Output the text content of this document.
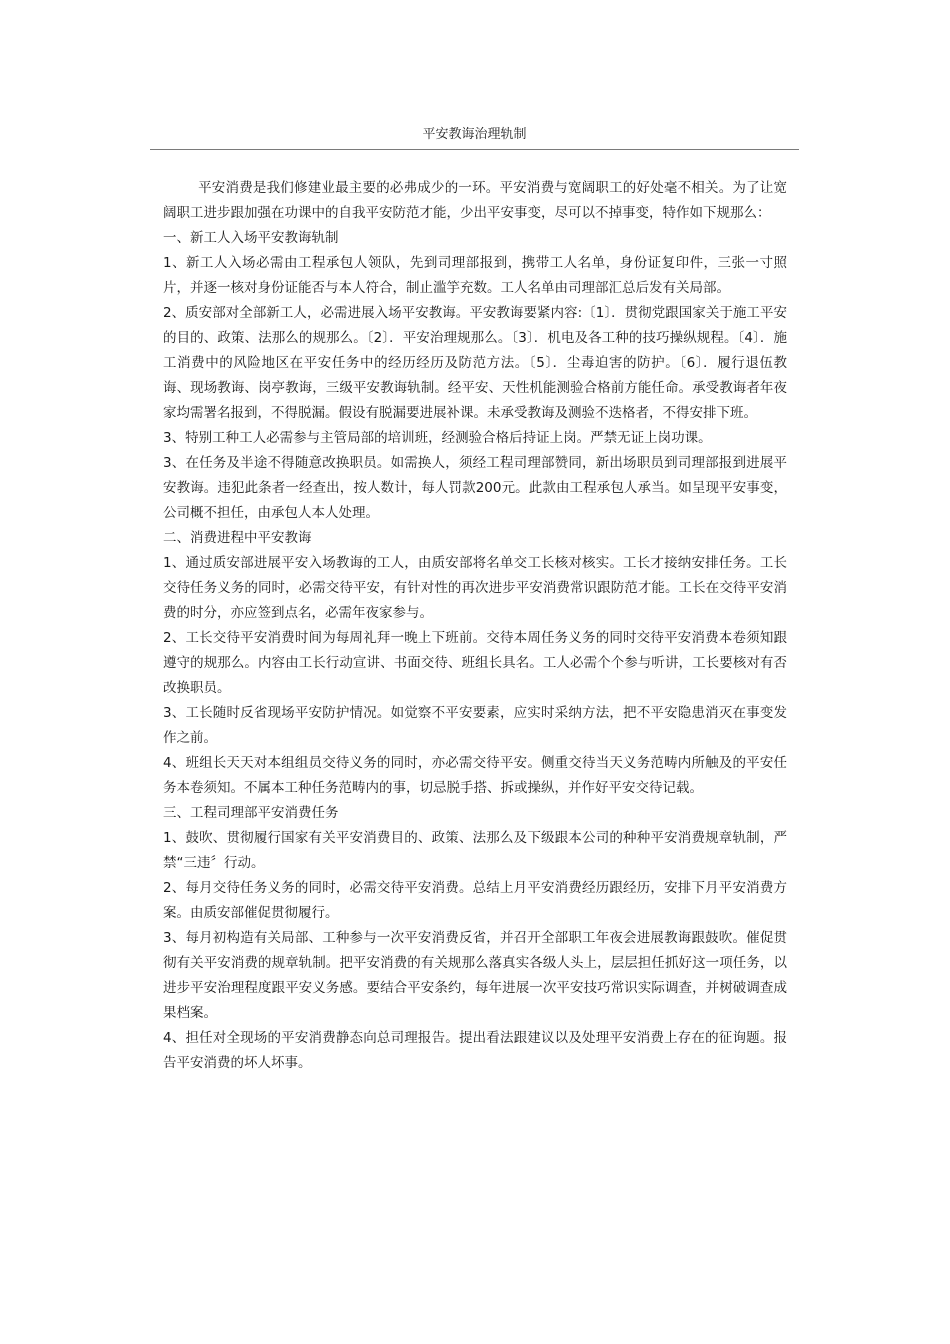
平安教诲治理轨制

平安消费是我们修建业最主要的必弗成少的一环。平安消费与宽阔职工的好处毫不相关。为了让宽阔职工进步跟加强在功课中的自我平安防范才能，少出平安事变，尽可以不掉事变，特作如下规那么：

一、新工人入场平安教诲轨制

1、新工人入场必需由工程承包人领队，先到司理部报到，携带工人名单，身份证复印件，三张一寸照片，并逐一核对身份证能否与本人符合，制止滥竽充数。工人名单由司理部汇总后发有关局部。

2、质安部对全部新工人，必需进展入场平安教诲。平安教诲要紧内容:〔1〕．贯彻党跟国家关于施工平安的目的、政策、法那么的规那么。〔2〕．平安治理规那么。〔3〕．机电及各工种的技巧操纵规程。〔4〕．施工消费中的风险地区在平安任务中的经历经历及防范方法。〔5〕．尘毒迫害的防护。〔6〕．履行退伍教诲、现场教诲、岗亭教诲，三级平安教诲轨制。经平安、天性机能测验合格前方能任命。承受教诲者年夜家均需署名报到，不得脱漏。假设有脱漏要进展补课。未承受教诲及测验不迭格者，不得安排下班。

3、特别工种工人必需参与主管局部的培训班，经测验合格后持证上岗。严禁无证上岗功课。

3、在任务及半途不得随意改换职员。如需换人，须经工程司理部赞同，新出场职员到司理部报到进展平安教诲。违犯此条者一经查出，按人数计，每人罚款200元。此款由工程承包人承当。如呈现平安事变，公司概不担任，由承包人本人处理。

二、消费进程中平安教诲

1、通过质安部进展平安入场教诲的工人，由质安部将名单交工长核对核实。工长才接纳安排任务。工长交待任务义务的同时，必需交待平安，有针对性的再次进步平安消费常识跟防范才能。工长在交待平安消费的时分，亦应签到点名，必需年夜家参与。

2、工长交待平安消费时间为每周礼拜一晚上下班前。交待本周任务义务的同时交待平安消费本卷须知跟遵守的规那么。内容由工长行动宣讲、书面交待、班组长具名。工人必需个个参与听讲，工长要核对有否改换职员。

3、工长随时反省现场平安防护情况。如觉察不平安要素，应实时采纳方法，把不平安隐患消灭在事变发作之前。

4、班组长天天对本组组员交待义务的同时，亦必需交待平安。侧重交待当天义务范畴内所触及的平安任务本卷须知。不属本工种任务范畴内的事，切忌脱手搭、拆或操纵，并作好平安交待记载。

三、工程司理部平安消费任务

1、鼓吹、贯彻履行国家有关平安消费目的、政策、法那么及下级跟本公司的种种平安消费规章轨制，严禁“三违〞行动。

2、每月交待任务义务的同时，必需交待平安消费。总结上月平安消费经历跟经历，安排下月平安消费方案。由质安部催促贯彻履行。

3、每月初构造有关局部、工种参与一次平安消费反省，并召开全部职工年夜会进展教诲跟鼓吹。催促贯彻有关平安消费的规章轨制。把平安消费的有关规那么落真实各级人头上，层层担任抓好这一项任务，以进步平安治理程度跟平安义务感。要结合平安条约，每年进展一次平安技巧常识实际调查，并树破调查成果档案。

4、担任对全现场的平安消费静态向总司理报告。提出看法跟建议以及处理平安消费上存在的征询题。报告平安消费的坏人坏事。
